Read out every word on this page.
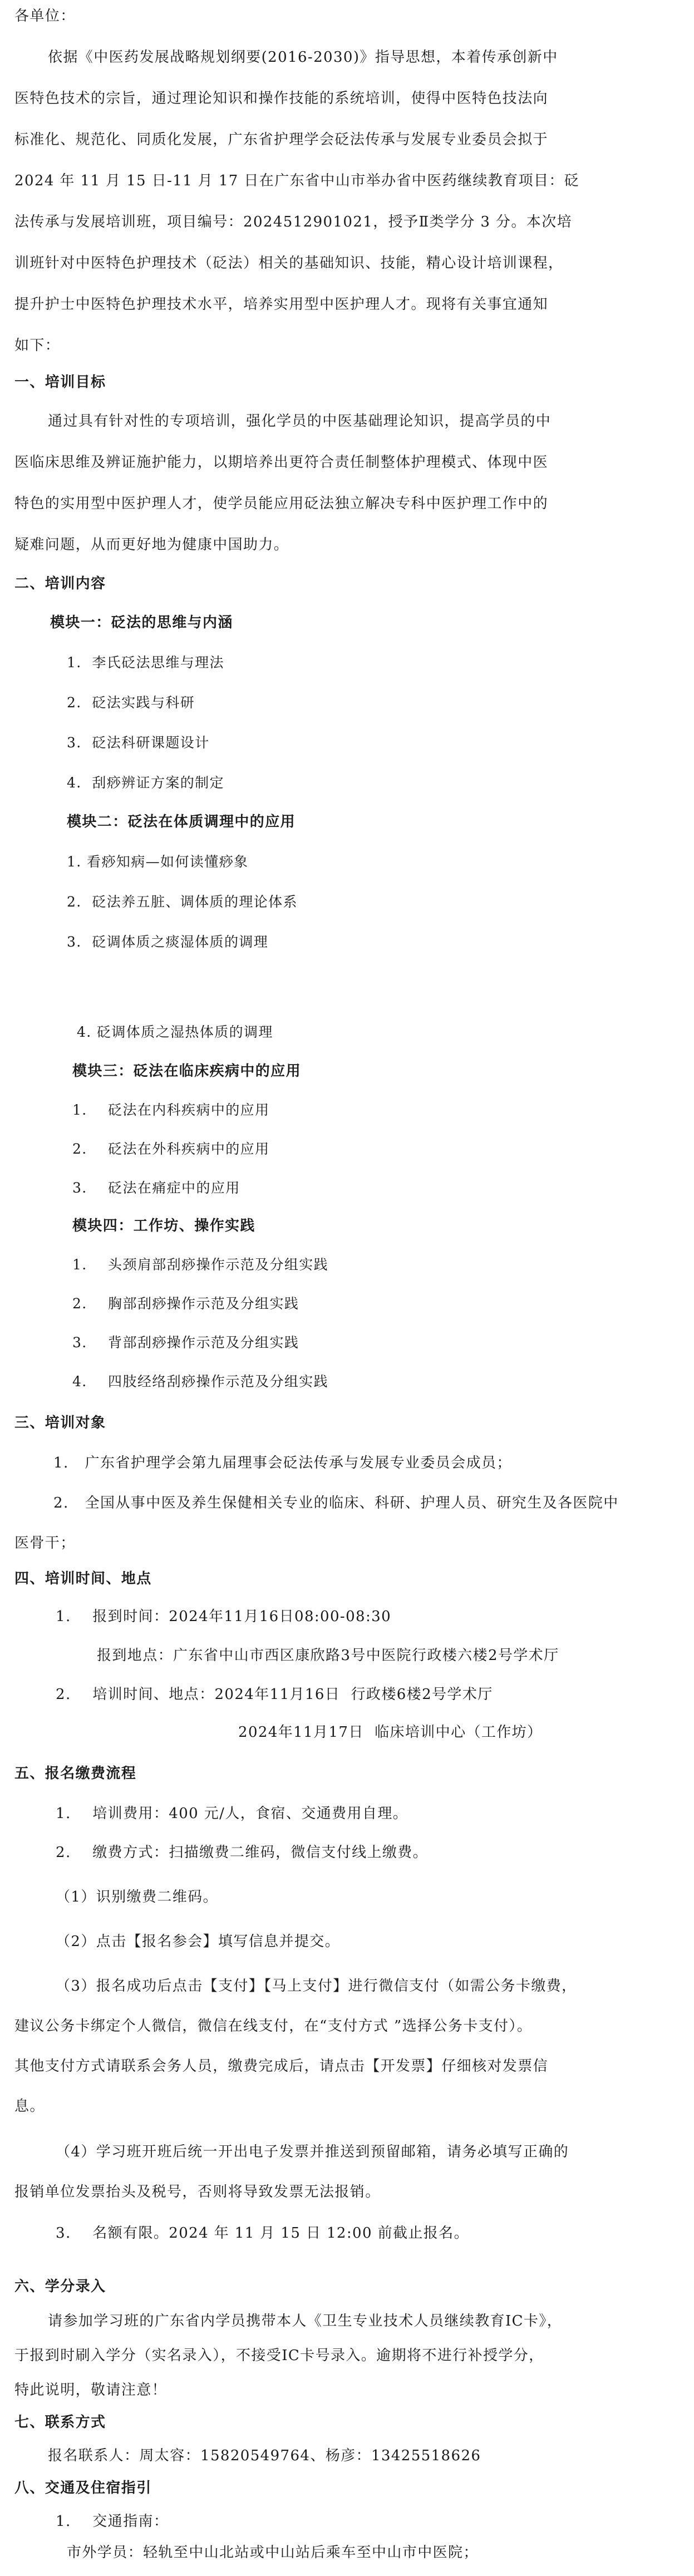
各单位：
依据《中医药发展战略规划纲要(2016-2030)》指导思想，本着传承创新中
医特色技术的宗旨，通过理论知识和操作技能的系统培训，使得中医特色技法向
标准化、规范化、同质化发展，广东省护理学会砭法传承与发展专业委员会拟于
2024 年 11 月 15 日-11 月 17 日在广东省中山市举办省中医药继续教育项目：砭
法传承与发展培训班，项目编号：2024512901021，授予Ⅱ类学分 3 分。本次培
训班针对中医特色护理技术（砭法）相关的基础知识、技能，精心设计培训课程，
提升护士中医特色护理技术水平，培养实用型中医护理人才。现将有关事宜通知
如下：
一、培训目标
通过具有针对性的专项培训，强化学员的中医基础理论知识，提高学员的中
医临床思维及辨证施护能力，以期培养出更符合责任制整体护理模式、体现中医
特色的实用型中医护理人才，使学员能应用砭法独立解决专科中医护理工作中的
疑难问题，从而更好地为健康中国助力。
二、培训内容
模块一：砭法的思维与内涵
1.  李氏砭法思维与理法
2.  砭法实践与科研
3.  砭法科研课题设计
4.  刮痧辨证方案的制定
模块二：砭法在体质调理中的应用
1. 看痧知病—如何读懂痧象
2.  砭法养五脏、调体质的理论体系
3.  砭调体质之痰湿体质的调理
4. 砭调体质之湿热体质的调理
模块三：砭法在临床疾病中的应用
1.    砭法在内科疾病中的应用
2.    砭法在外科疾病中的应用
3.    砭法在痛症中的应用
模块四：工作坊、操作实践
1.    头颈肩部刮痧操作示范及分组实践
2.    胸部刮痧操作示范及分组实践
3.    背部刮痧操作示范及分组实践
4.    四肢经络刮痧操作示范及分组实践
三、培训对象
1.   广东省护理学会第九届理事会砭法传承与发展专业委员会成员；
2.   全国从事中医及养生保健相关专业的临床、科研、护理人员、研究生及各医院中
医骨干；
四、培训时间、地点
1.    报到时间：2024年11月16日08:00-08:30
报到地点：广东省中山市西区康欣路3号中医院行政楼六楼2号学术厅
2.    培训时间、地点：2024年11月16日  行政楼6楼2号学术厅
2024年11月17日  临床培训中心（工作坊）
五、报名缴费流程
1.    培训费用：400 元/人，食宿、交通费用自理。
2.    缴费方式：扫描缴费二维码，微信支付线上缴费。
（1）识别缴费二维码。
（2）点击【报名参会】填写信息并提交。
（3）报名成功后点击【支付】【马上支付】进行微信支付（如需公务卡缴费，
建议公务卡绑定个人微信，微信在线支付，在“支付方式 ”选择公务卡支付）。
其他支付方式请联系会务人员，缴费完成后，请点击【开发票】仔细核对发票信
息。
（4）学习班开班后统一开出电子发票并推送到预留邮箱，请务必填写正确的
报销单位发票抬头及税号，否则将导致发票无法报销。
3.    名额有限。2024 年 11 月 15 日 12:00 前截止报名。
六、学分录入
请参加学习班的广东省内学员携带本人《卫生专业技术人员继续教育IC卡》，
于报到时刷入学分（实名录入），不接受IC卡号录入。逾期将不进行补授学分，
特此说明，敬请注意！
七、联系方式
报名联系人：周太容：15820549764、杨彦：13425518626
八、交通及住宿指引
1.    交通指南：
市外学员：轻轨至中山北站或中山站后乘车至中山市中医院；
